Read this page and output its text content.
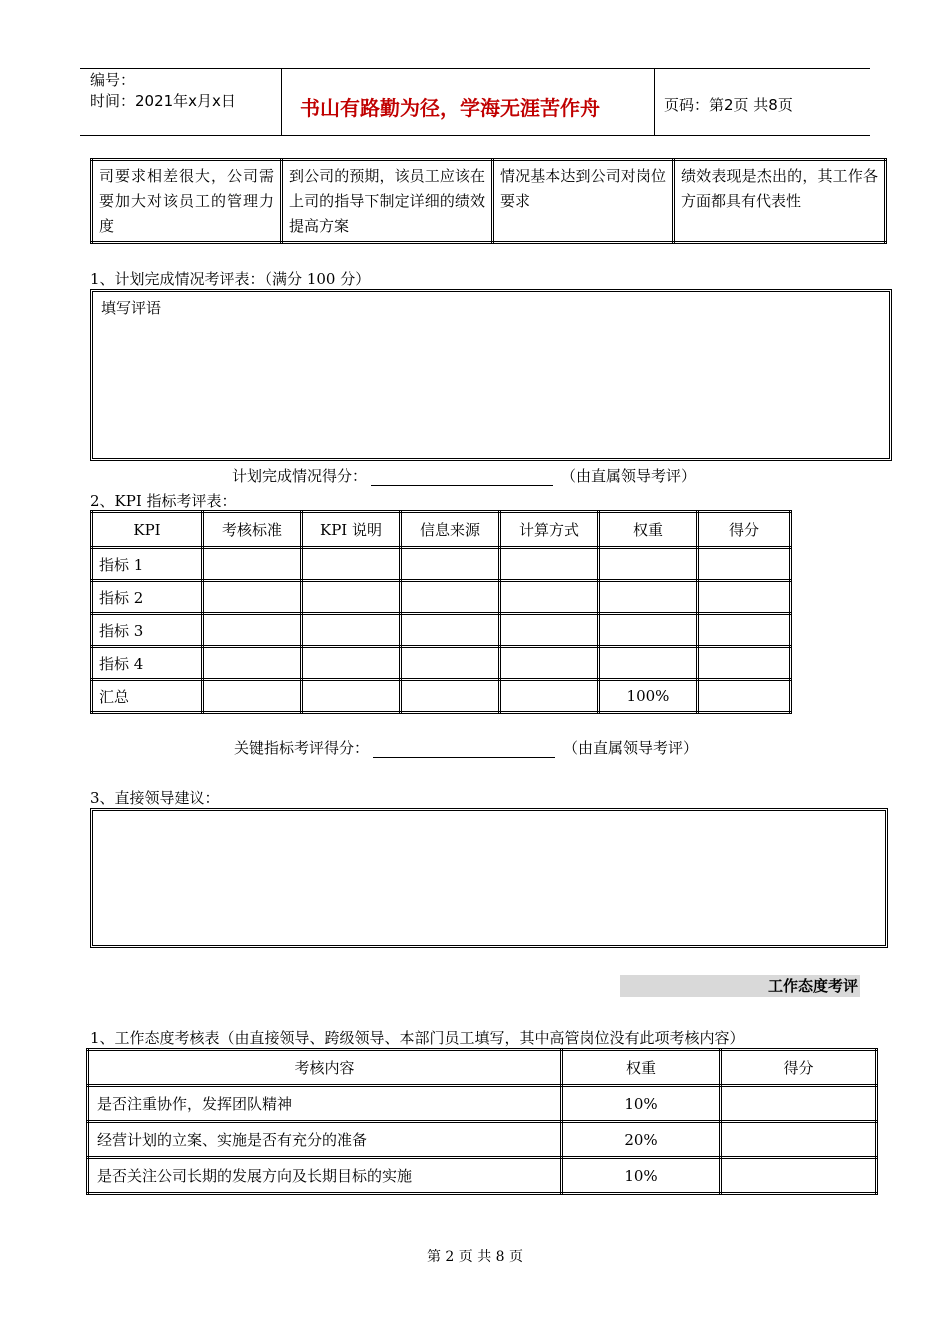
编号：
时间：2021年x月x日	书山有路勤为径，学海无涯苦作舟	页码：第2页 共8页
司要求相差很大，公司需要加大对该员工的管理力度	到公司的预期，该员工应该在上司的指导下制定详细的绩效提高方案	情况基本达到公司对岗位要求	绩效表现是杰出的，其工作各方面都具有代表性
1、计划完成情况考评表：（满分 100 分）
填写评语
计划完成情况得分：	（由直属领导考评）
2、KPI 指标考评表：
KPI	考核标准	KPI 说明	信息来源	计算方式	权重	得分
指标 1						
指标 2						
指标 3						
指标 4						
汇总					100%	
关键指标考评得分：	（由直属领导考评）
3、直接领导建议：
工作态度考评
1、工作态度考核表（由直接领导、跨级领导、本部门员工填写，其中高管岗位没有此项考核内容）
考核内容	权重	得分
是否注重协作，发挥团队精神	10%	
经营计划的立案、实施是否有充分的准备	20%	
是否关注公司长期的发展方向及长期目标的实施	10%	
第 2 页 共 8 页
